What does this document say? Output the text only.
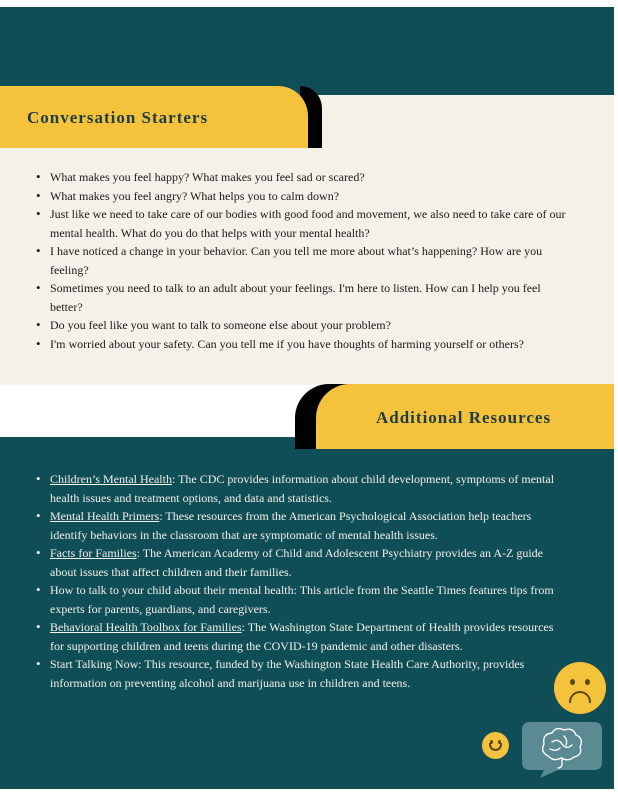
Conversation Starters
• What makes you feel happy? What makes you feel sad or scared?
• What makes you feel angry? What helps you to calm down?
• Just like we need to take care of our bodies with good food and movement, we also need to take care of our mental health. What do you do that helps with your mental health?
• I have noticed a change in your behavior. Can you tell me more about what’s happening? How are you feeling?
• Sometimes you need to talk to an adult about your feelings. I'm here to listen. How can I help you feel better?
• Do you feel like you want to talk to someone else about your problem?
• I'm worried about your safety. Can you tell me if you have thoughts of harming yourself or others?
Additional Resources
• Children’s Mental Health: The CDC provides information about child development, symptoms of mental health issues and treatment options, and data and statistics.
• Mental Health Primers: These resources from the American Psychological Association help teachers identify behaviors in the classroom that are symptomatic of mental health issues.
• Facts for Families: The American Academy of Child and Adolescent Psychiatry provides an A-Z guide about issues that affect children and their families.
• How to talk to your child about their mental health: This article from the Seattle Times features tips from experts for parents, guardians, and caregivers.
• Behavioral Health Toolbox for Families: The Washington State Department of Health provides resources for supporting children and teens during the COVID-19 pandemic and other disasters.
• Start Talking Now: This resource, funded by the Washington State Health Care Authority, provides information on preventing alcohol and marijuana use in children and teens.
